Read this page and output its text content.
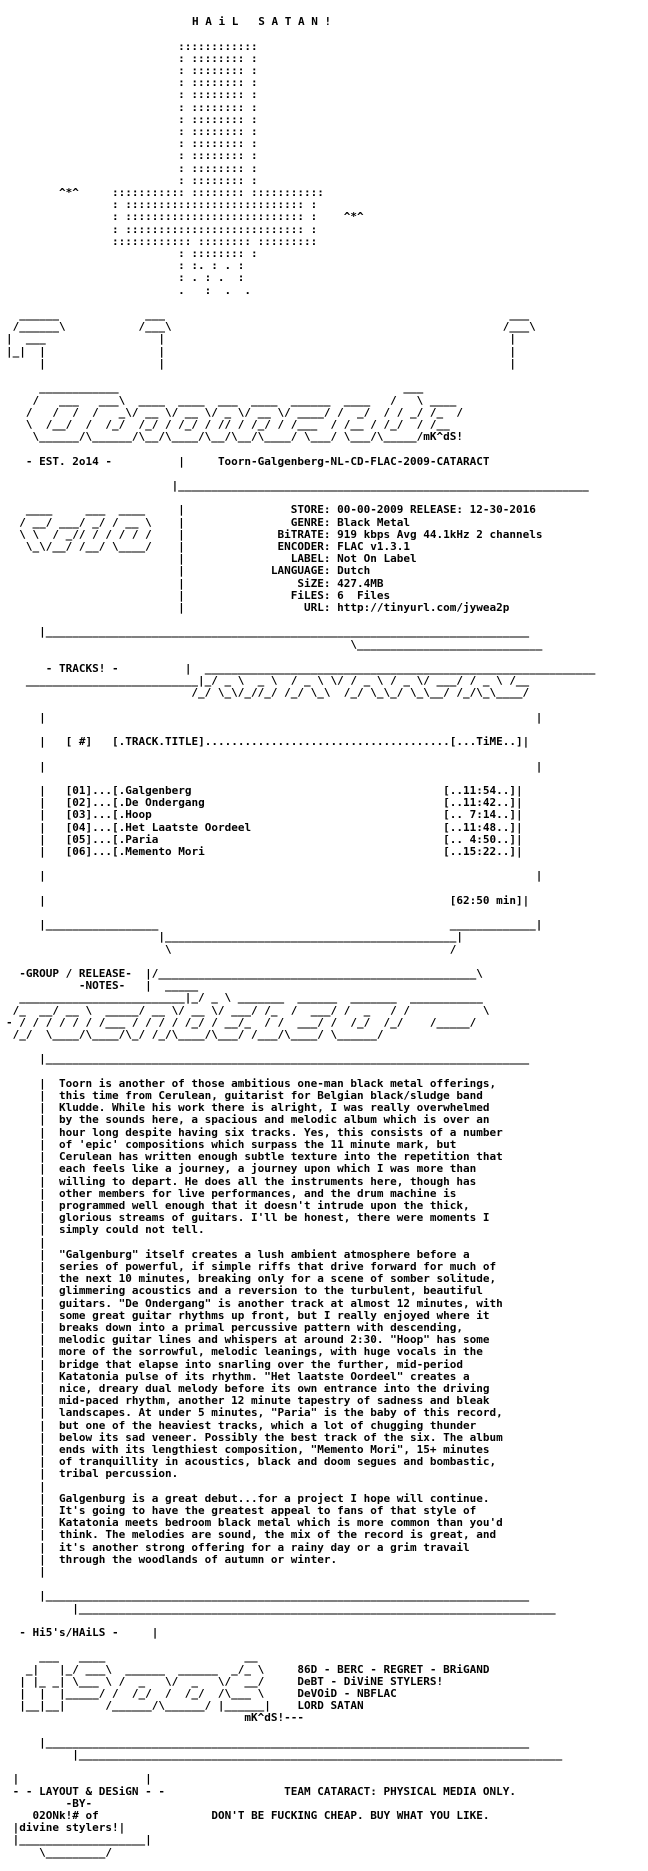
H A i L   S A T A N !

::::::::::::
: :::::::: :
: :::::::: :
: :::::::: :
: :::::::: :
: :::::::: :
: :::::::: :
: :::::::: :
: :::::::: :
: :::::::: :
: :::::::: :
: :::::::: :
^*^     ::::::::::: :::::::: :::::::::::
: ::::::::::::::::::::::::::: :
: ::::::::::::::::::::::::::: :    ^*^
: ::::::::::::::::::::::::::: :
:::::::::::: :::::::: :::::::::
: :::::::: :
: :. : . :
: . : .  :
.   :  .  .

______             ___                                                    ___
/______\           /___\                                                  /___\
|  ___                 |                                                    |
|_|  |                 |                                                    |
|                 |                                                    |

____________                                           ___
/   ___   ___\  ____  ____  ___  ____  ______  ____   /   \ ____
/   /  /  /   _\/ __ \/ __ \/ _ \/ __ \/ ____/ /  _/  / / _/ /_  /
\  /__/  /  /_/  /_/ / /_/ / // / /_/ / /___  / /__ / /_/  / /__
\______/\______/\__/\____/\__/\__/\____/ \___/ \___/\_____/mK^dS!

- EST. 2o14 -          |     Toorn-Galgenberg-NL-CD-FLAC-2009-CATARACT

|______________________________________________________________

____     ___  ____     |                STORE: 00-00-2009 RELEASE: 12-30-2016
/ __/ ___/ _/ / __ \    |                GENRE: Black Metal
\ \  / _// / / / / /    |              BiTRATE: 919 kbps Avg 44.1kHz 2 channels
\_\/__/ /__/ \____/    |              ENCODER: FLAC v1.3.1
|                LABEL: Not On Label
|             LANGUAGE: Dutch
|                 SiZE: 427.4MB
|                FiLES: 6  Files
|                  URL: http://tinyurl.com/jywea2p

|_________________________________________________________________________
\____________________________

- TRACKS! -	|  ___________________________________________________________
__________________________|_/ _ \  _ \  / _ \ \/ / _ \ / _ \/ ___/ / _ \ /__
/_/ \_\/_//_/ /_/ \_\  /_/ \_\_/ \_\__/ /_/\_\____/

|                                                                          |

|   [ #] [.TRACK.TITLE].....................................[...TiME..]|

|                                                                          |

|   [01]...[.Galgenberg	[..11:54..]|
|   [02]...[.De Ondergang	[..11:42..]|
|   [03]...[.Hoop	[.. 7:14..]|
|   [04]...[.Het Laatste Oordeel	[..11:48..]|
|   [05]...[.Paria	[.. 4:50..]|
|   [06]...[.Memento Mori	[..15:22..]|

|                                                                          |

|                                                             [62:50 min]|

|_________________                                            _____________|
|____________________________________________|
\                                          /

-GROUP / RELEASE-  |/________________________________________________\
-NOTES-   |  _____
_________________________|_/ _ \ _______  ______  _______  ___________
/_  __/ __ \  _____/ __ \/ __ \/ ___/ /_  /  ___/ /  _   / /           \
- / / / / / / /___ / / / / /_/ / __/_  / /  ___/ /  /_/  /_/    /_____/
/_/  \____/\____/\_/ /_/\____/\___/ /___/\____/ \______/

|_________________________________________________________________________

|  Toorn is another of those ambitious one-man black metal offerings,
|  this time from Cerulean, guitarist for Belgian black/sludge band
|  Kludde. While his work there is alright, I was really overwhelmed
|  by the sounds here, a spacious and melodic album which is over an
|  hour long despite having six tracks. Yes, this consists of a number
|  of 'epic' compositions which surpass the 11 minute mark, but
|  Cerulean has written enough subtle texture into the repetition that
|  each feels like a journey, a journey upon which I was more than
|  willing to depart. He does all the instruments here, though has
|  other members for live performances, and the drum machine is
|  programmed well enough that it doesn't intrude upon the thick,
|  glorious streams of guitars. I'll be honest, there were moments I
|  simply could not tell.
|
|  "Galgenburg" itself creates a lush ambient atmosphere before a
|  series of powerful, if simple riffs that drive forward for much of
|  the next 10 minutes, breaking only for a scene of somber solitude,
|  glimmering acoustics and a reversion to the turbulent, beautiful
|  guitars. "De Ondergang" is another track at almost 12 minutes, with
|  some great guitar rhythms up front, but I really enjoyed where it
|  breaks down into a primal percussive pattern with descending,
|  melodic guitar lines and whispers at around 2:30. "Hoop" has some
|  more of the sorrowful, melodic leanings, with huge vocals in the
|  bridge that elapse into snarling over the further, mid-period
|  Katatonia pulse of its rhythm. "Het laatste Oordeel" creates a
|  nice, dreary dual melody before its own entrance into the driving
|  mid-paced rhythm, another 12 minute tapestry of sadness and bleak
|  landscapes. At under 5 minutes, "Paria" is the baby of this record,
|  but one of the heaviest tracks, which a lot of chugging thunder
|  below its sad veneer. Possibly the best track of the six. The album
|  ends with its lengthiest composition, "Memento Mori", 15+ minutes
|  of tranquillity in acoustics, black and doom segues and bombastic,
|  tribal percussion.
|
|  Galgenburg is a great debut...for a project I hope will continue.
|  It's going to have the greatest appeal to fans of that style of
|  Katatonia meets bedroom black metal which is more common than you'd
|  think. The melodies are sound, the mix of the record is great, and
|  it's another strong offering for a rainy day or a grim travail
|  through the woodlands of autumn or winter.
|

|_________________________________________________________________________
|________________________________________________________________________

- Hi5's/HAiLS -     |

___   ____                     __
_|   |_/ ___\  ______  ______  _/_ \     86D - BERC - REGRET - BRiGAND
| |_ _| \___ \ /  _   \/  _   \/  __/     DeBT - DiViNE STYLERS!
|  |  |_____/ /  /_/  /  /_/  /\___ \     DeVOiD - NBFLAC
|__|__|      /______/\______/ |______|    LORD SATAN
mK^dS!---

|_________________________________________________________________________
|_________________________________________________________________________

|                   |
- - LAYOUT & DESiGN - -                  TEAM CATARACT: PHYSICAL MEDIA ONLY.
-BY-
02ONk!# of	DON'T BE FUCKING CHEAP. BUY WHAT YOU LIKE.
|divine stylers!|
|___________________|
\_________/
